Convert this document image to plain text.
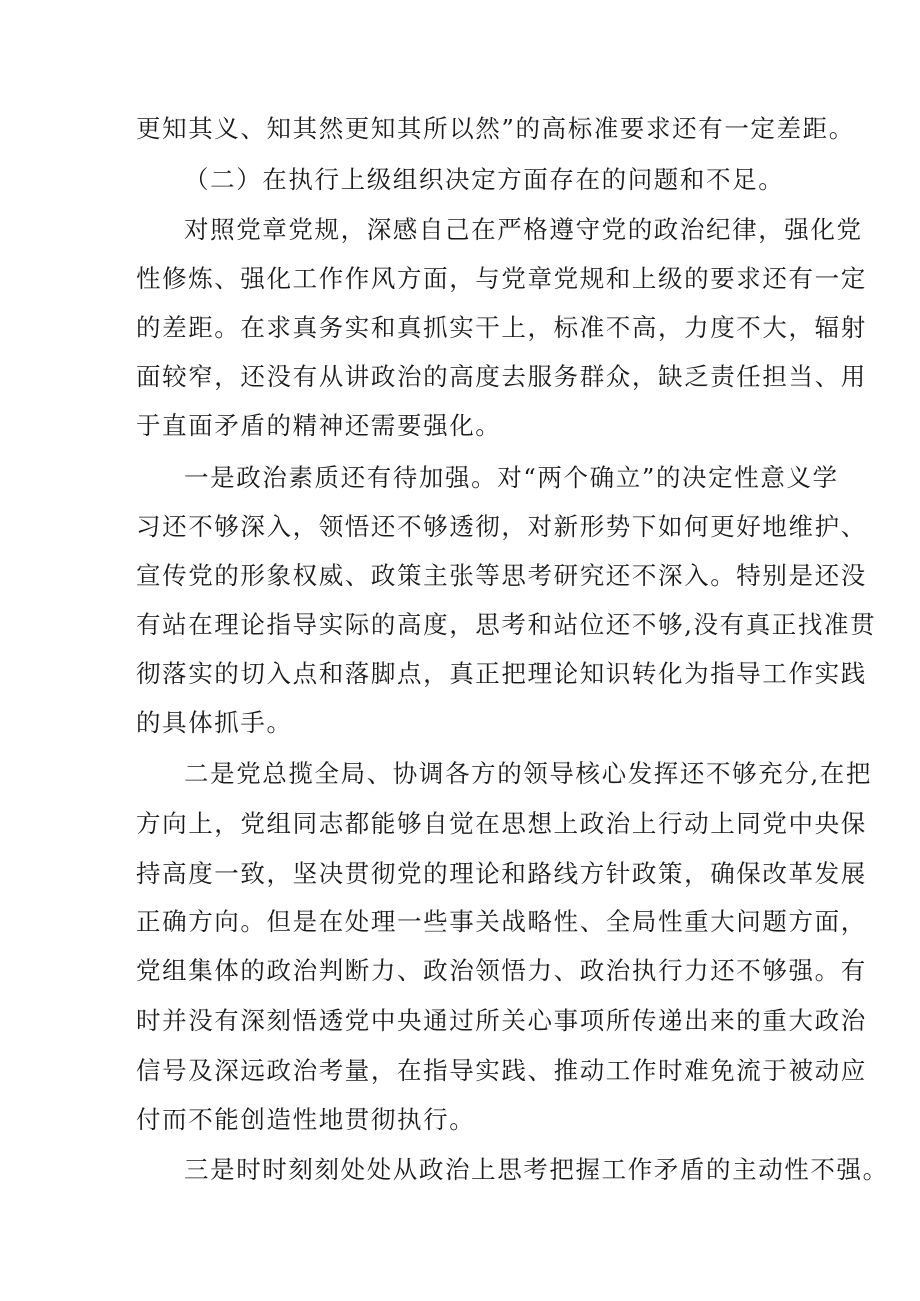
更知其义、知其然更知其所以然”的高标准要求还有一定差距。
（二）在执行上级组织决定方面存在的问题和不足。
对照党章党规，深感自己在严格遵守党的政治纪律，强化党
性修炼、强化工作作风方面，与党章党规和上级的要求还有一定
的差距。在求真务实和真抓实干上，标准不高，力度不大，辐射
面较窄，还没有从讲政治的高度去服务群众，缺乏责任担当、用
于直面矛盾的精神还需要强化。
一是政治素质还有待加强。对“两个确立”的决定性意义学
习还不够深入，领悟还不够透彻，对新形势下如何更好地维护、
宣传党的形象权威、政策主张等思考研究还不深入。特别是还没
有站在理论指导实际的高度，思考和站位还不够,没有真正找准贯
彻落实的切入点和落脚点，真正把理论知识转化为指导工作实践
的具体抓手。
二是党总揽全局、协调各方的领导核心发挥还不够充分,在把
方向上，党组同志都能够自觉在思想上政治上行动上同党中央保
持高度一致，坚决贯彻党的理论和路线方针政策，确保改革发展
正确方向。但是在处理一些事关战略性、全局性重大问题方面，
党组集体的政治判断力、政治领悟力、政治执行力还不够强。有
时并没有深刻悟透党中央通过所关心事项所传递出来的重大政治
信号及深远政治考量，在指导实践、推动工作时难免流于被动应
付而不能创造性地贯彻执行。
三是时时刻刻处处从政治上思考把握工作矛盾的主动性不强。
